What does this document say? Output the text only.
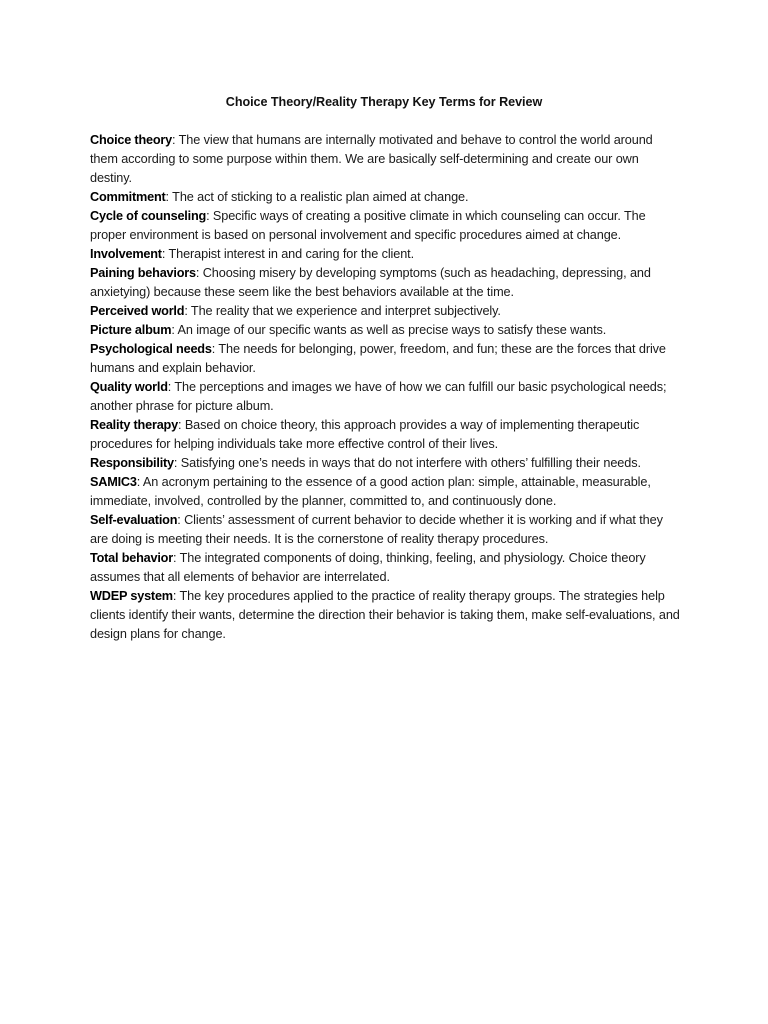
Choice Theory/Reality Therapy Key Terms for Review

Choice theory: The view that humans are internally motivated and behave to control the world around them according to some purpose within them. We are basically self-determining and create our own destiny.

Commitment: The act of sticking to a realistic plan aimed at change.

Cycle of counseling: Specific ways of creating a positive climate in which counseling can occur. The proper environment is based on personal involvement and specific procedures aimed at change.

Involvement: Therapist interest in and caring for the client.

Paining behaviors: Choosing misery by developing symptoms (such as headaching, depressing, and anxietying) because these seem like the best behaviors available at the time.

Perceived world: The reality that we experience and interpret subjectively.

Picture album: An image of our specific wants as well as precise ways to satisfy these wants.

Psychological needs: The needs for belonging, power, freedom, and fun; these are the forces that drive humans and explain behavior.

Quality world: The perceptions and images we have of how we can fulfill our basic psychological needs; another phrase for picture album.

Reality therapy: Based on choice theory, this approach provides a way of implementing therapeutic procedures for helping individuals take more effective control of their lives.

Responsibility: Satisfying one’s needs in ways that do not interfere with others’ fulfilling their needs.

SAMIC3: An acronym pertaining to the essence of a good action plan: simple, attainable, measurable, immediate, involved, controlled by the planner, committed to, and continuously done.

Self-evaluation: Clients’ assessment of current behavior to decide whether it is working and if what they are doing is meeting their needs. It is the cornerstone of reality therapy procedures.

Total behavior: The integrated components of doing, thinking, feeling, and physiology. Choice theory assumes that all elements of behavior are interrelated.

WDEP system: The key procedures applied to the practice of reality therapy groups. The strategies help clients identify their wants, determine the direction their behavior is taking them, make self-evaluations, and design plans for change.
